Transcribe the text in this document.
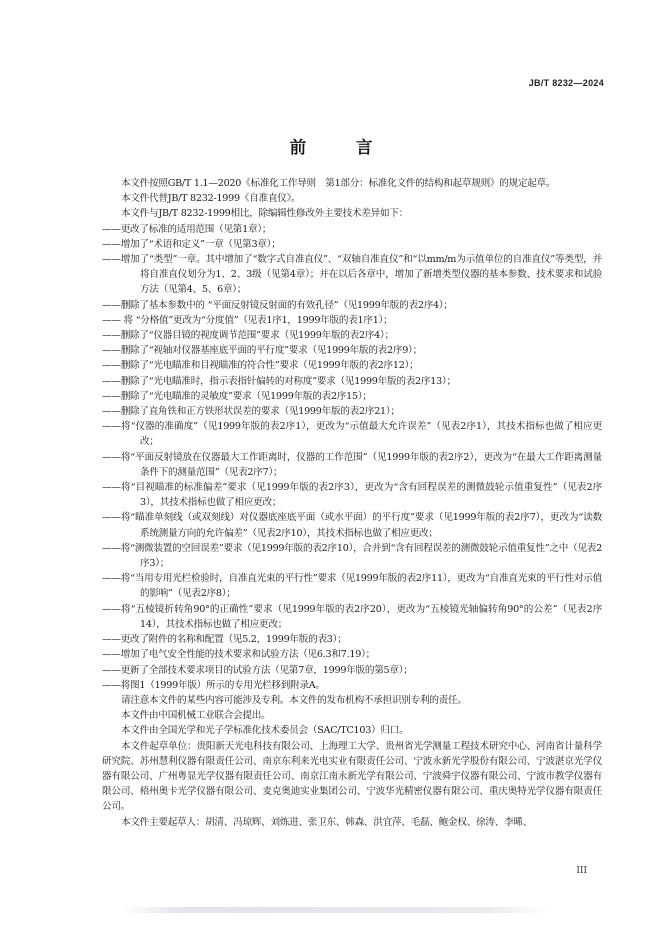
JB/T 8232—2024
前 言

本文件按照GB/T 1.1—2020《标准化工作导则　第1部分：标准化文件的结构和起草规则》的规定起草。

本文件代替JB/T 8232-1999《自准直仪》。

本文件与JB/T 8232-1999相比，除编辑性修改外主要技术差异如下：

——更改了标准的适用范围（见第1章）；

——增加了“术语和定义”一章（见第3章）；

——增加了“类型”一章。其中增加了“数字式自准直仪”、“双轴自准直仪”和“以mm/m为示值单位的自准直仪”等类型，并将自准直仪划分为1、2、3级（见第4章）；并在以后各章中，增加了新增类型仪器的基本参数、技术要求和试验方法（见第4、5、6章）；

——删除了基本参数中的 “平面反射镜反射面的有效孔径”（见1999年版的表2序4）；

—— 将 “分格值”更改为“分度值”（见表1序1，1999年版的表1序1）；

——删除了“仪器目镜的视度调节范围”要求（见1999年版的表2序4）；

——删除了“视轴对仪器基座底平面的平行度”要求（见1999年版的表2序9）；

——删除了“光电瞄准和目视瞄准的符合性”要求（见1999年版的表2序12）；

——删除了“光电瞄准时，指示表指针偏转的对称度”要求（见1999年版的表2序13）；

——删除了“光电瞄准的灵敏度”要求（见1999年版的表2序15）；

——删除了直角铁和正方铁形状误差的要求（见1999年版的表2序21）；

——将“仪器的准确度”（见1999年版的表2序1），更改为“示值最大允许误差”（见表2序1），其技术指标也做了相应更改；

——将“平面反射镜放在仪器最大工作距离时，仪器的工作范围”（见1999年版的表2序2），更改为“在最大工作距离测量条件下的测量范围”（见表2序7）；

——将“目视瞄准的标准偏差”要求（见1999年版的表2序3），更改为“含有回程误差的测微鼓轮示值重复性”（见表2序3），其技术指标也做了相应更改；

——将“瞄准单刻线（或双刻线）对仪器底座底平面（或水平面）的平行度”要求（见1999年版的表2序7），更改为“读数系统测量方向的允许偏差”（见表2序10），其技术指标也做了相应更改；

——将“测微装置的空回误差”要求（见1999年版的表2序10），合并到“含有回程误差的测微鼓轮示值重复性”之中（见表2序3）；

——将“当用专用光栏检验时，自准直光束的平行性”要求（见1999年版的表2序11），更改为“自准直光束的平行性对示值的影响”（见表2序8）；

——将“五棱镜折转角90°的正确性”要求（见1999年版的表2序20），更改为“五棱镜光轴偏转角90°的公差”（见表2序14），其技术指标也做了相应更改；

——更改了附件的名称和配置（见5.2，1999年版的表3）；

——增加了电气安全性能的技术要求和试验方法（见6.3和7.19）；

——更新了全部技术要求项目的试验方法（见第7章，1999年版的第5章）；

——将图1（1999年版）所示的专用光栏移到附录A。

请注意本文件的某些内容可能涉及专利。本文件的发布机构不承担识别专利的责任。

本文件由中国机械工业联合会提出。

本文件由全国光学和光子学标准化技术委员会（SAC/TC103）归口。

本文件起草单位：贵阳新天光电科技有限公司、上海理工大学、贵州省光学测量工程技术研究中心、河南省计量科学研究院、苏州慧利仪器有限责任公司、南京东利来光电实业有限责任公司、宁波永新光学股份有限公司、宁波湛京光学仪器有限公司、广州粤显光学仪器有限责任公司、南京江南永新光学有限公司、宁波舜宇仪器有限公司、宁波市教学仪器有限公司、梧州奥卡光学仪器有限公司、麦克奥迪实业集团公司、宁波华光精密仪器有限公司、重庆奥特光学仪器有限责任公司。

本文件主要起草人：胡清、冯琼辉、刘炼进、张卫东、韩森、洪宜萍、毛磊、鲍金权、徐涛、李晞、

III
